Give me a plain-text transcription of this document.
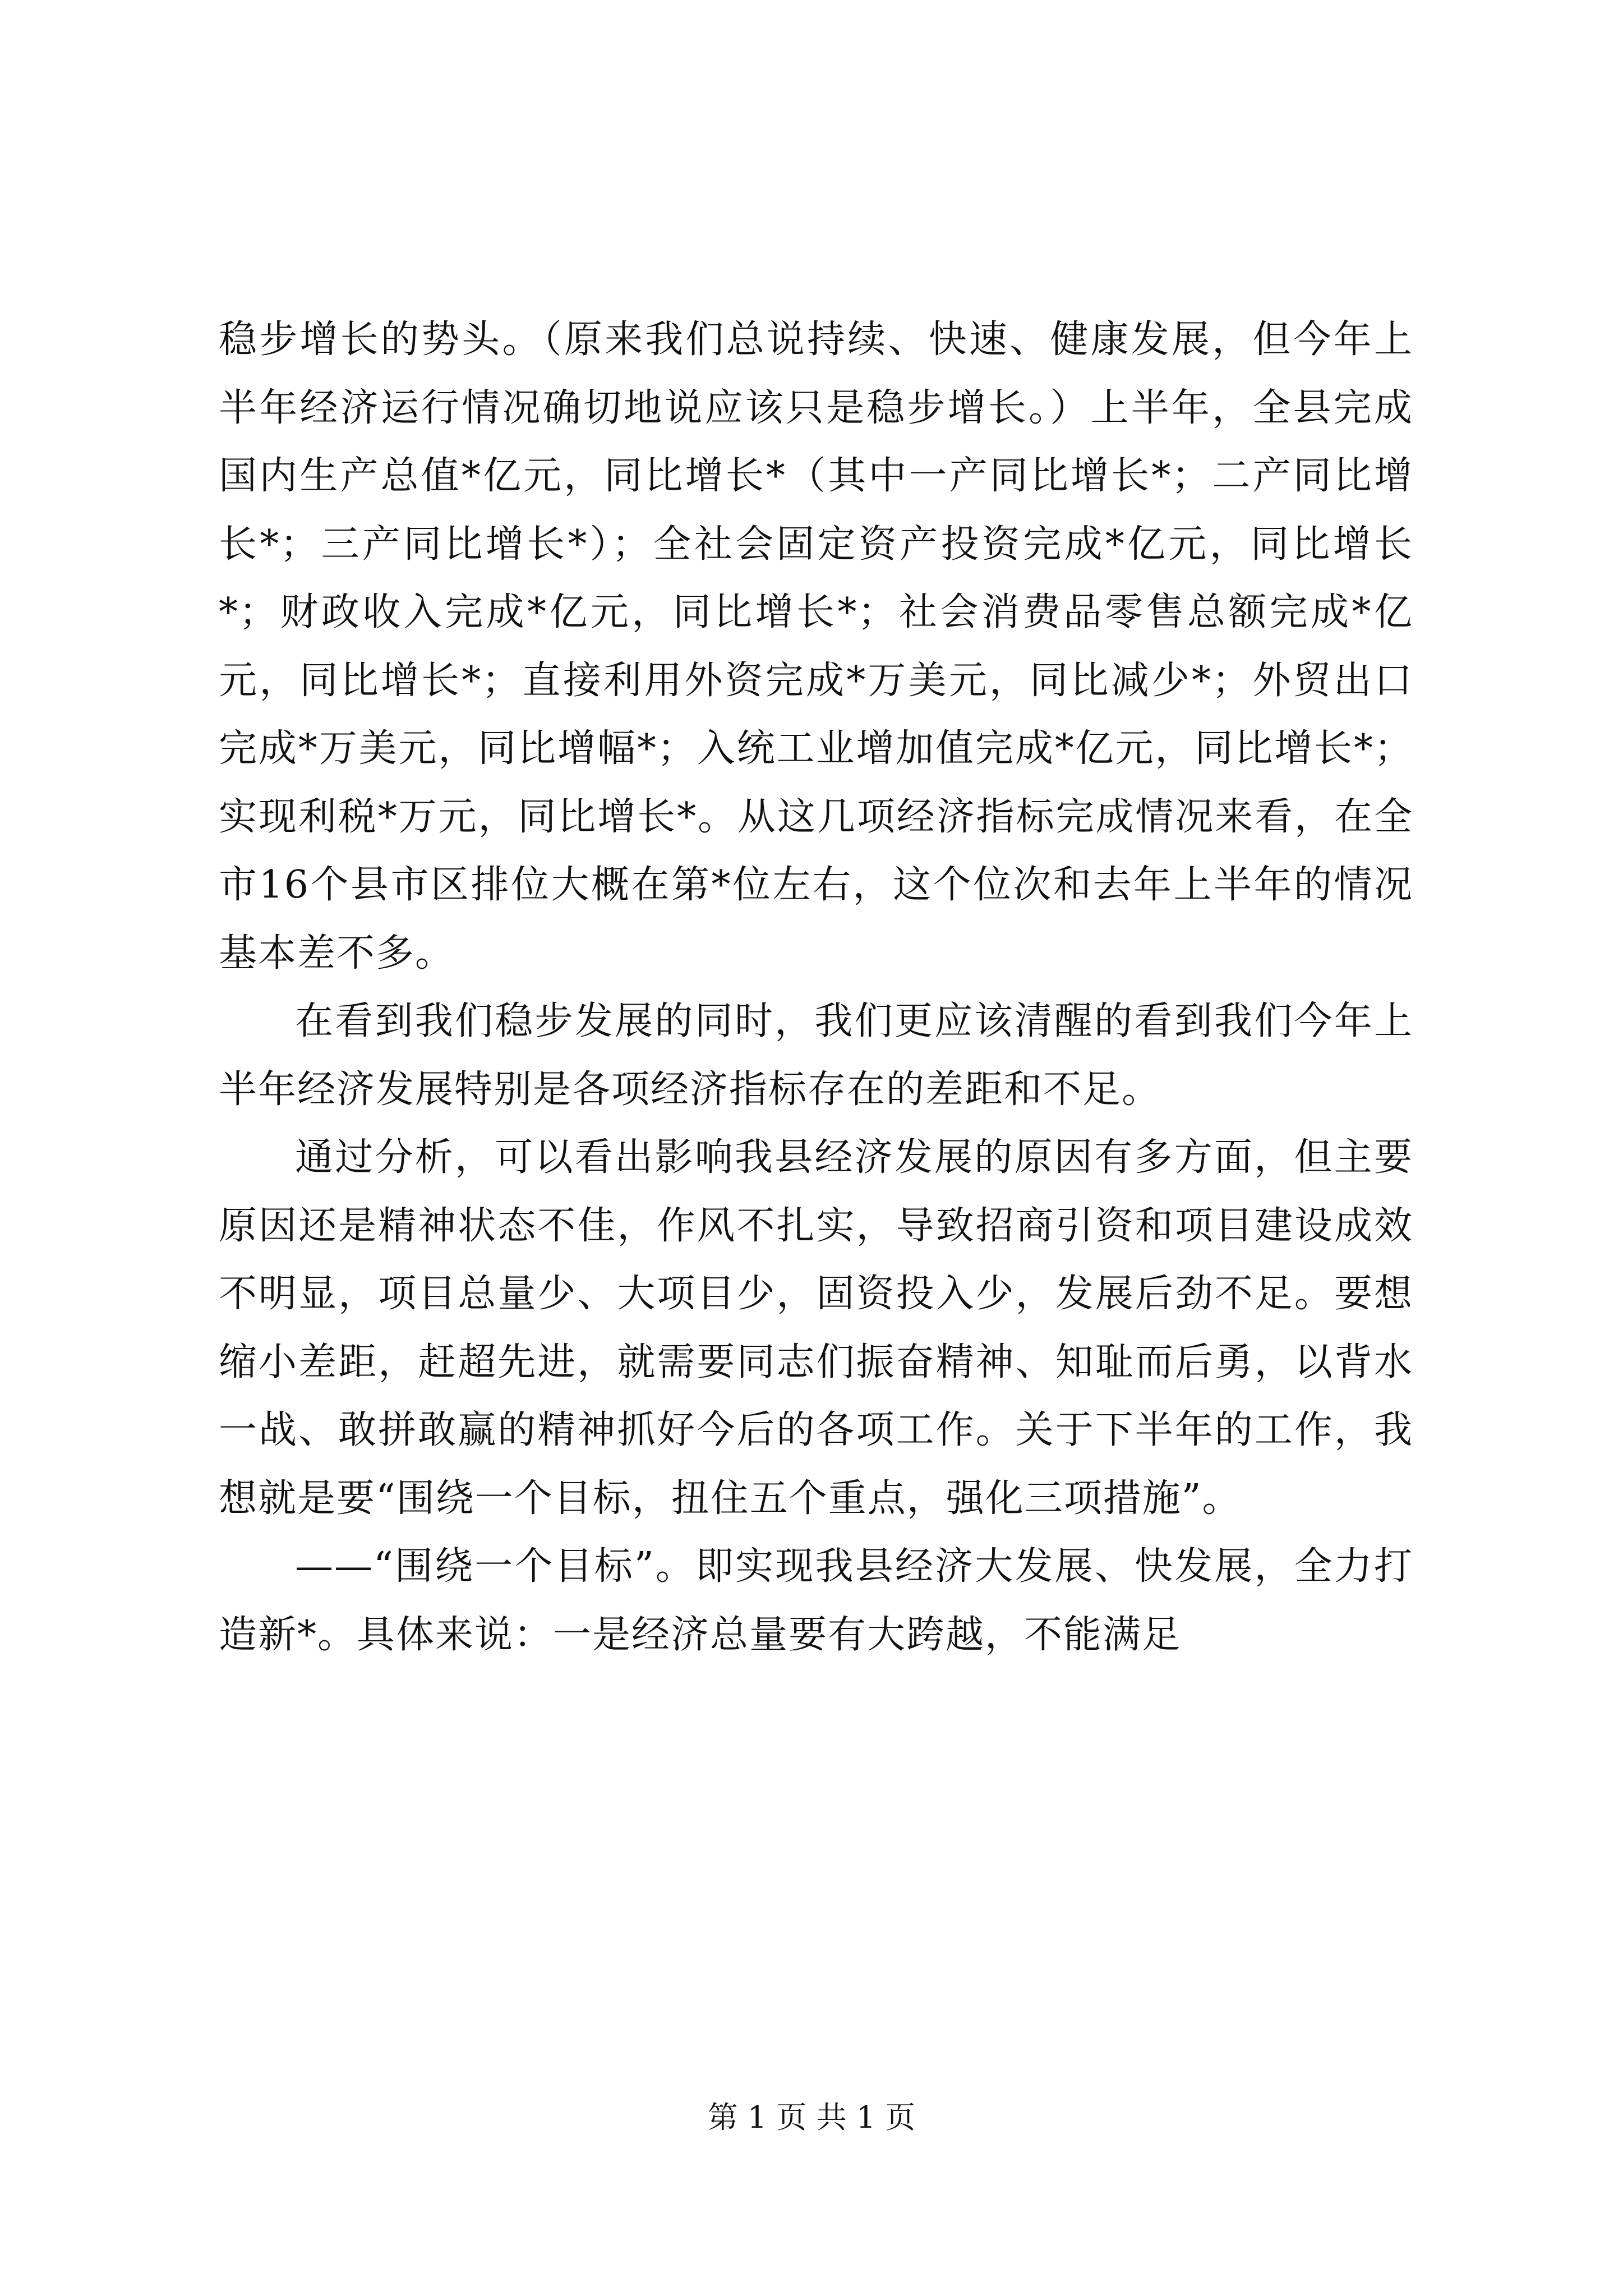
稳步增长的势头。（原来我们总说持续、快速、健康发展，但今年上半年经济运行情况确切地说应该只是稳步增长。）上半年，全县完成国内生产总值*亿元，同比增长*（其中一产同比增长*；二产同比增长*；三产同比增长*）；全社会固定资产投资完成*亿元，同比增长*；财政收入完成*亿元，同比增长*；社会消费品零售总额完成*亿元，同比增长*；直接利用外资完成*万美元，同比减少*；外贸出口完成*万美元，同比增幅*；入统工业增加值完成*亿元，同比增长*；实现利税*万元，同比增长*。从这几项经济指标完成情况来看，在全市16个县市区排位大概在第*位左右，这个位次和去年上半年的情况基本差不多。

在看到我们稳步发展的同时，我们更应该清醒的看到我们今年上半年经济发展特别是各项经济指标存在的差距和不足。

通过分析，可以看出影响我县经济发展的原因有多方面，但主要原因还是精神状态不佳，作风不扎实，导致招商引资和项目建设成效不明显，项目总量少、大项目少，固资投入少，发展后劲不足。要想缩小差距，赶超先进，就需要同志们振奋精神、知耻而后勇，以背水一战、敢拼敢赢的精神抓好今后的各项工作。关于下半年的工作，我想就是要“围绕一个目标，扭住五个重点，强化三项措施”。

——“围绕一个目标”。即实现我县经济大发展、快发展，全力打造新*。具体来说：一是经济总量要有大跨越，不能满足

第 1 页 共 1 页
